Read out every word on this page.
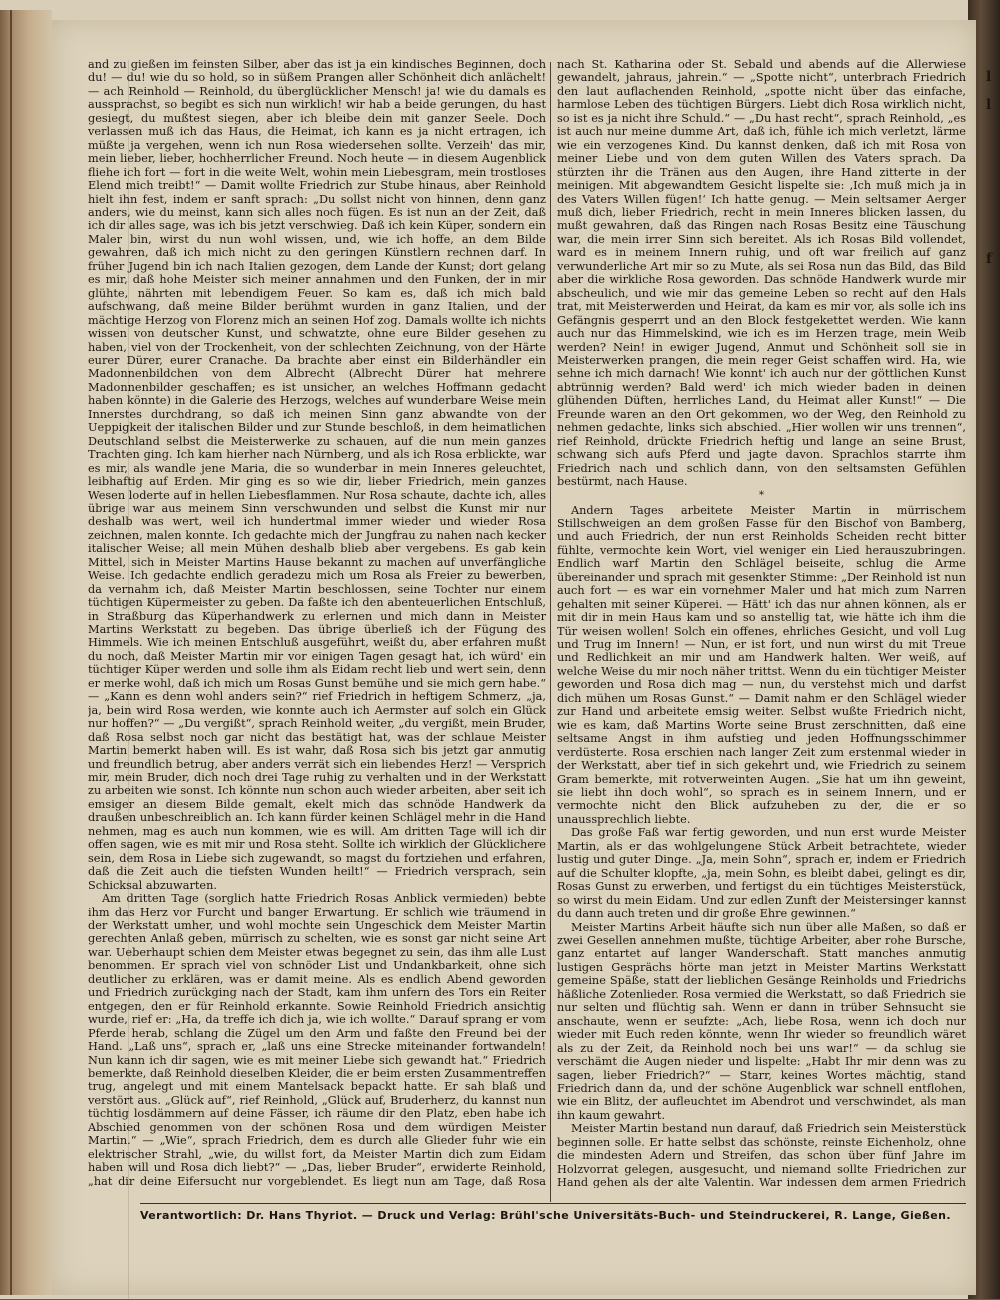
l

l

f

and zu gießen im feinsten Silber, aber das ist ja ein kindisches Beginnen, doch du! — du! wie du so hold, so in süßem Prangen aller Schönheit dich anlächelt! — ach Reinhold — Reinhold, du überglücklicher Mensch! ja! wie du damals es aussprachst, so begibt es sich nun wirklich! wir hab a beide gerungen, du hast gesiegt, du mußtest siegen, aber ich bleibe dein mit ganzer Seele. Doch verlassen muß ich das Haus, die Heimat, ich kann es ja nicht ertragen, ich müßte ja vergehen, wenn ich nun Rosa wiedersehen sollte. Verzeih' das mir, mein lieber, lieber, hochherrlicher Freund. Noch heute — in diesem Augenblick fliehe ich fort — fort in die weite Welt, wohin mein Liebesgram, mein trostloses Elend mich treibt!“ — Damit wollte Friedrich zur Stube hinaus, aber Reinhold hielt ihn fest, indem er sanft sprach: „Du sollst nicht von hinnen, denn ganz anders, wie du meinst, kann sich alles noch fügen. Es ist nun an der Zeit, daß ich dir alles sage, was ich bis jetzt verschwieg. Daß ich kein Küper, sondern ein Maler bin, wirst du nun wohl wissen, und, wie ich hoffe, an dem Bilde gewahren, daß ich mich nicht zu den geringen Künstlern rechnen darf. In früher Jugend bin ich nach Italien gezogen, dem Lande der Kunst; dort gelang es mir, daß hohe Meister sich meiner annahmen und den Funken, der in mir glühte, nährten mit lebendigem Feuer. So kam es, daß ich mich bald aufschwang, daß meine Bilder berühmt wurden in ganz Italien, und der mächtige Herzog von Florenz mich an seinen Hof zog. Damals wollte ich nichts wissen von deutscher Kunst, und schwatzte, ohne eure Bilder gesehen zu haben, viel von der Trockenheit, von der schlechten Zeichnung, von der Härte eurer Dürer, eurer Cranache. Da brachte aber einst ein Bilderhändler ein Madonnenbildchen von dem Albrecht (Albrecht Dürer hat mehrere Madonnenbilder geschaffen; es ist unsicher, an welches Hoffmann gedacht haben könnte) in die Galerie des Herzogs, welches auf wunderbare Weise mein Innerstes durchdrang, so daß ich meinen Sinn ganz abwandte von der Ueppigkeit der italischen Bilder und zur Stunde beschloß, in dem heimatlichen Deutschland selbst die Meisterwerke zu schauen, auf die nun mein ganzes Trachten ging. Ich kam hierher nach Nürnberg, und als ich Rosa erblickte, war es mir, als wandle jene Maria, die so wunderbar in mein Inneres geleuchtet, leibhaftig auf Erden. Mir ging es so wie dir, lieber Friedrich, mein ganzes Wesen loderte auf in hellen Liebesflammen. Nur Rosa schaute, dachte ich, alles übrige war aus meinem Sinn verschwunden und selbst die Kunst mir nur deshalb was wert, weil ich hundertmal immer wieder und wieder Rosa zeichnen, malen konnte. Ich gedachte mich der Jungfrau zu nahen nach kecker italischer Weise; all mein Mühen deshalb blieb aber vergebens. Es gab kein Mittel, sich in Meister Martins Hause bekannt zu machen auf unverfängliche Weise. Ich gedachte endlich geradezu mich um Rosa als Freier zu bewerben, da vernahm ich, daß Meister Martin beschlossen, seine Tochter nur einem tüchtigen Küpermeister zu geben. Da faßte ich den abenteuerlichen Entschluß, in Straßburg das Küperhandwerk zu erlernen und mich dann in Meister Martins Werkstatt zu begeben. Das übrige überließ ich der Fügung des Himmels. Wie ich meinen Entschluß ausgeführt, weißt du, aber erfahren mußt du noch, daß Meister Martin mir vor einigen Tagen gesagt hat, ich würd' ein tüchtiger Küper werden und solle ihm als Eidam recht lieb und wert sein, denn er merke wohl, daß ich mich um Rosas Gunst bemühe und sie mich gern habe.“ — „Kann es denn wohl anders sein?“ rief Friedrich in heftigem Schmerz, „ja, ja, bein wird Rosa werden, wie konnte auch ich Aermster auf solch ein Glück nur hoffen?“ — „Du vergißt“, sprach Reinhold weiter, „du vergißt, mein Bruder, daß Rosa selbst noch gar nicht das bestätigt hat, was der schlaue Meister Martin bemerkt haben will. Es ist wahr, daß Rosa sich bis jetzt gar anmutig und freundlich betrug, aber anders verrät sich ein liebendes Herz! — Versprich mir, mein Bruder, dich noch drei Tage ruhig zu verhalten und in der Werkstatt zu arbeiten wie sonst. Ich könnte nun schon auch wieder arbeiten, aber seit ich emsiger an diesem Bilde gemalt, ekelt mich das schnöde Handwerk da draußen unbeschreiblich an. Ich kann fürder keinen Schlägel mehr in die Hand nehmen, mag es auch nun kommen, wie es will. Am dritten Tage will ich dir offen sagen, wie es mit mir und Rosa steht. Sollte ich wirklich der Glücklichere sein, dem Rosa in Liebe sich zugewandt, so magst du fortziehen und erfahren, daß die Zeit auch die tiefsten Wunden heilt!“ — Friedrich versprach, sein Schicksal abzuwarten.

Am dritten Tage (sorglich hatte Friedrich Rosas Anblick vermieden) bebte ihm das Herz vor Furcht und banger Erwartung. Er schlich wie träumend in der Werkstatt umher, und wohl mochte sein Ungeschick dem Meister Martin gerechten Anlaß geben, mürrisch zu schelten, wie es sonst gar nicht seine Art war. Ueberhaupt schien dem Meister etwas begegnet zu sein, das ihm alle Lust benommen. Er sprach viel von schnöder List und Undankbarkeit, ohne sich deutlicher zu erklären, was er damit meine. Als es endlich Abend geworden und Friedrich zurückging nach der Stadt, kam ihm unfern des Tors ein Reiter entgegen, den er für Reinhold erkannte. Sowie Reinhold Friedrich ansichtig wurde, rief er: „Ha, da treffe ich dich ja, wie ich wollte.“ Darauf sprang er vom Pferde herab, schlang die Zügel um den Arm und faßte den Freund bei der Hand. „Laß uns“, sprach er, „laß uns eine Strecke miteinander fortwandeln! Nun kann ich dir sagen, wie es mit meiner Liebe sich gewandt hat.“ Friedrich bemerkte, daß Reinhold dieselben Kleider, die er beim ersten Zusammentreffen trug, angelegt und mit einem Mantelsack bepackt hatte. Er sah blaß und verstört aus. „Glück auf“, rief Reinhold, „Glück auf, Bruderherz, du kannst nun tüchtig losdämmern auf deine Fässer, ich räume dir den Platz, eben habe ich Abschied genommen von der schönen Rosa und dem würdigen Meister Martin.“ — „Wie“, sprach Friedrich, dem es durch alle Glieder fuhr wie ein elektrischer Strahl, „wie, du willst fort, da Meister Martin dich zum Eidam haben will und Rosa dich liebt?“ — „Das, lieber Bruder“, erwiderte Reinhold, „hat dir deine Eifersucht nur vorgeblendet. Es liegt nun am Tage, daß Rosa

nach St. Katharina oder St. Sebald und abends auf die Allerwiese gewandelt, jahraus, jahrein.“ — „Spotte nicht“, unterbrach Friedrich den laut auflachenden Reinhold, „spotte nicht über das einfache, harmlose Leben des tüchtigen Bürgers. Liebt dich Rosa wirklich nicht, so ist es ja nicht ihre Schuld.“ — „Du hast recht“, sprach Reinhold, „es ist auch nur meine dumme Art, daß ich, fühle ich mich verletzt, lärme wie ein verzogenes Kind. Du kannst denken, daß ich mit Rosa von meiner Liebe und von dem guten Willen des Vaters sprach. Da stürzten ihr die Tränen aus den Augen, ihre Hand zitterte in der meinigen. Mit abgewandtem Gesicht lispelte sie: ‚Ich muß mich ja in des Vaters Willen fügen!‘ Ich hatte genug. — Mein seltsamer Aerger muß dich, lieber Friedrich, recht in mein Inneres blicken lassen, du mußt gewahren, daß das Ringen nach Rosas Besitz eine Täuschung war, die mein irrer Sinn sich bereitet. Als ich Rosas Bild vollendet, ward es in meinem Innern ruhig, und oft war freilich auf ganz verwunderliche Art mir so zu Mute, als sei Rosa nun das Bild, das Bild aber die wirkliche Rosa geworden. Das schnöde Handwerk wurde mir abscheulich, und wie mir das gemeine Leben so recht auf den Hals trat, mit Meisterwerden und Heirat, da kam es mir vor, als solle ich ins Gefängnis gesperrt und an den Block festgekettet werden. Wie kann auch nur das Himmelskind, wie ich es im Herzen trage, mein Weib werden? Nein! in ewiger Jugend, Anmut und Schönheit soll sie in Meisterwerken prangen, die mein reger Geist schaffen wird. Ha, wie sehne ich mich darnach! Wie konnt' ich auch nur der göttlichen Kunst abtrünnig werden? Bald werd' ich mich wieder baden in deinen glühenden Düften, herrliches Land, du Heimat aller Kunst!“ — Die Freunde waren an den Ort gekommen, wo der Weg, den Reinhold zu nehmen gedachte, links sich abschied. „Hier wollen wir uns trennen“, rief Reinhold, drückte Friedrich heftig und lange an seine Brust, schwang sich aufs Pferd und jagte davon. Sprachlos starrte ihm Friedrich nach und schlich dann, von den seltsamsten Gefühlen bestürmt, nach Hause.

*

Andern Tages arbeitete Meister Martin in mürrischem Stillschweigen an dem großen Fasse für den Bischof von Bamberg, und auch Friedrich, der nun erst Reinholds Scheiden recht bitter fühlte, vermochte kein Wort, viel weniger ein Lied herauszubringen. Endlich warf Martin den Schlägel beiseite, schlug die Arme übereinander und sprach mit gesenkter Stimme: „Der Reinhold ist nun auch fort — es war ein vornehmer Maler und hat mich zum Narren gehalten mit seiner Küperei. — Hätt' ich das nur ahnen können, als er mit dir in mein Haus kam und so anstellig tat, wie hätte ich ihm die Tür weisen wollen! Solch ein offenes, ehrliches Gesicht, und voll Lug und Trug im Innern! — Nun, er ist fort, und nun wirst du mit Treue und Redlichkeit an mir und am Handwerk halten. Wer weiß, auf welche Weise du mir noch näher trittst. Wenn du ein tüchtiger Meister geworden und Rosa dich mag — nun, du verstehst mich und darfst dich mühen um Rosas Gunst.“ — Damit nahm er den Schlägel wieder zur Hand und arbeitete emsig weiter. Selbst wußte Friedrich nicht, wie es kam, daß Martins Worte seine Brust zerschnitten, daß eine seltsame Angst in ihm aufstieg und jeden Hoffnungsschimmer verdüsterte. Rosa erschien nach langer Zeit zum erstenmal wieder in der Werkstatt, aber tief in sich gekehrt und, wie Friedrich zu seinem Gram bemerkte, mit rotverweinten Augen. „Sie hat um ihn geweint, sie liebt ihn doch wohl“, so sprach es in seinem Innern, und er vermochte nicht den Blick aufzuheben zu der, die er so unaussprechlich liebte.

Das große Faß war fertig geworden, und nun erst wurde Meister Martin, als er das wohlgelungene Stück Arbeit betrachtete, wieder lustig und guter Dinge. „Ja, mein Sohn“, sprach er, indem er Friedrich auf die Schulter klopfte, „ja, mein Sohn, es bleibt dabei, gelingt es dir, Rosas Gunst zu erwerben, und fertigst du ein tüchtiges Meisterstück, so wirst du mein Eidam. Und zur edlen Zunft der Meistersinger kannst du dann auch treten und dir große Ehre gewinnen.“

Meister Martins Arbeit häufte sich nun über alle Maßen, so daß er zwei Gesellen annehmen mußte, tüchtige Arbeiter, aber rohe Bursche, ganz entartet auf langer Wanderschaft. Statt manches anmutig lustigen Gesprächs hörte man jetzt in Meister Martins Werkstatt gemeine Späße, statt der lieblichen Gesänge Reinholds und Friedrichs häßliche Zotenlieder. Rosa vermied die Werkstatt, so daß Friedrich sie nur selten und flüchtig sah. Wenn er dann in trüber Sehnsucht sie anschaute, wenn er seufzte: „Ach, liebe Rosa, wenn ich doch nur wieder mit Euch reden könnte, wenn Ihr wieder so freundlich wäret als zu der Zeit, da Reinhold noch bei uns war!“ — da schlug sie verschämt die Augen nieder und lispelte: „Habt Ihr mir denn was zu sagen, lieber Friedrich?“ — Starr, keines Wortes mächtig, stand Friedrich dann da, und der schöne Augenblick war schnell entflohen, wie ein Blitz, der aufleuchtet im Abendrot und verschwindet, als man ihn kaum gewahrt.

Meister Martin bestand nun darauf, daß Friedrich sein Meisterstück beginnen solle. Er hatte selbst das schönste, reinste Eichenholz, ohne die mindesten Adern und Streifen, das schon über fünf Jahre im Holzvorrat gelegen, ausgesucht, und niemand sollte Friedrichen zur Hand gehen als der alte Valentin. War indessen dem armen Friedrich

Verantwortlich: Dr. Hans Thyriot. — Druck und Verlag: Brühl'sche Universitäts-Buch- und Steindruckerei, R. Lange, Gießen.
